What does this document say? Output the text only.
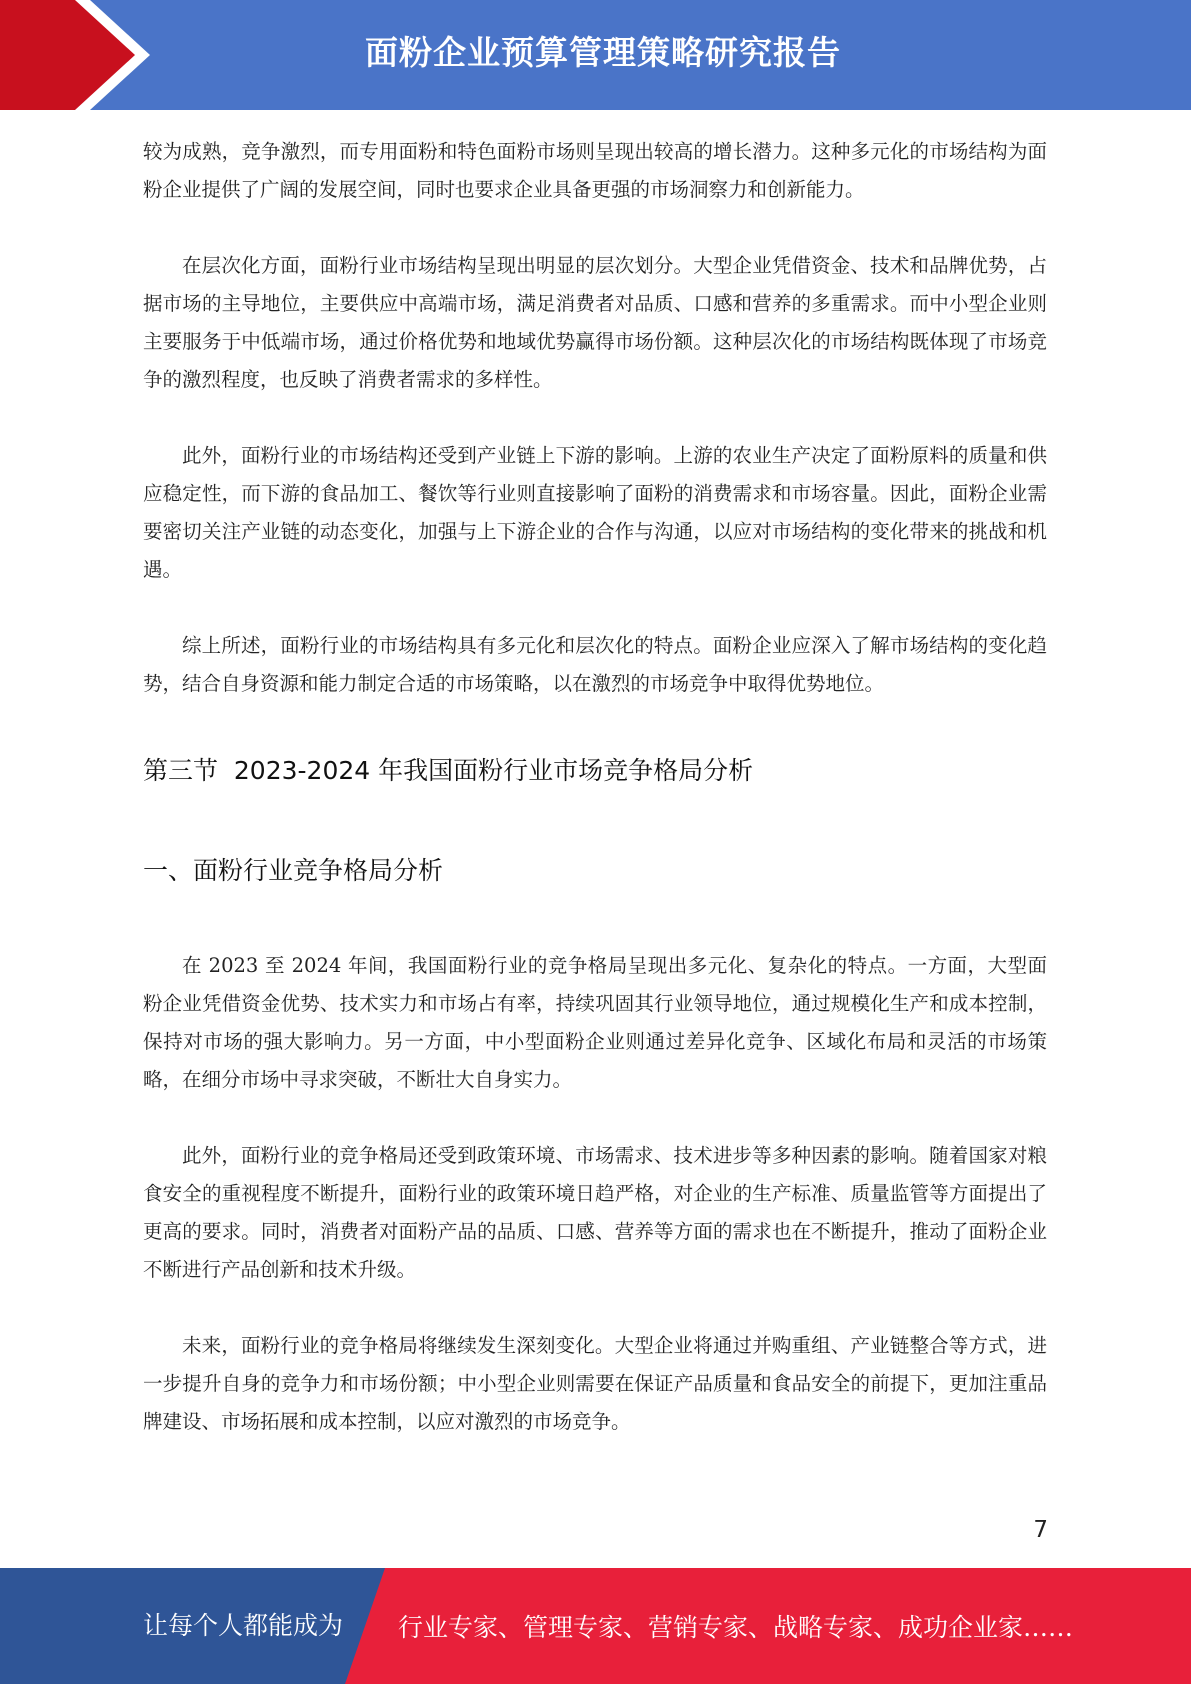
面粉企业预算管理策略研究报告

较为成熟，竞争激烈，而专用面粉和特色面粉市场则呈现出较高的增长潜力。这种多元化的市场结构为面粉企业提供了广阔的发展空间，同时也要求企业具备更强的市场洞察力和创新能力。

在层次化方面，面粉行业市场结构呈现出明显的层次划分。大型企业凭借资金、技术和品牌优势，占据市场的主导地位，主要供应中高端市场，满足消费者对品质、口感和营养的多重需求。而中小型企业则主要服务于中低端市场，通过价格优势和地域优势赢得市场份额。这种层次化的市场结构既体现了市场竞争的激烈程度，也反映了消费者需求的多样性。

此外，面粉行业的市场结构还受到产业链上下游的影响。上游的农业生产决定了面粉原料的质量和供应稳定性，而下游的食品加工、餐饮等行业则直接影响了面粉的消费需求和市场容量。因此，面粉企业需要密切关注产业链的动态变化，加强与上下游企业的合作与沟通，以应对市场结构的变化带来的挑战和机遇。

综上所述，面粉行业的市场结构具有多元化和层次化的特点。面粉企业应深入了解市场结构的变化趋势，结合自身资源和能力制定合适的市场策略，以在激烈的市场竞争中取得优势地位。

第三节  2023-2024 年我国面粉行业市场竞争格局分析
一、面粉行业竞争格局分析

在 2023 至 2024 年间，我国面粉行业的竞争格局呈现出多元化、复杂化的特点。一方面，大型面粉企业凭借资金优势、技术实力和市场占有率，持续巩固其行业领导地位，通过规模化生产和成本控制，保持对市场的强大影响力。另一方面，中小型面粉企业则通过差异化竞争、区域化布局和灵活的市场策略，在细分市场中寻求突破，不断壮大自身实力。

此外，面粉行业的竞争格局还受到政策环境、市场需求、技术进步等多种因素的影响。随着国家对粮食安全的重视程度不断提升，面粉行业的政策环境日趋严格，对企业的生产标准、质量监管等方面提出了更高的要求。同时，消费者对面粉产品的品质、口感、营养等方面的需求也在不断提升，推动了面粉企业不断进行产品创新和技术升级。

未来，面粉行业的竞争格局将继续发生深刻变化。大型企业将通过并购重组、产业链整合等方式，进一步提升自身的竞争力和市场份额；中小型企业则需要在保证产品质量和食品安全的前提下，更加注重品牌建设、市场拓展和成本控制，以应对激烈的市场竞争。

7
让每个人都能成为 行业专家、管理专家、营销专家、战略专家、成功企业家……
